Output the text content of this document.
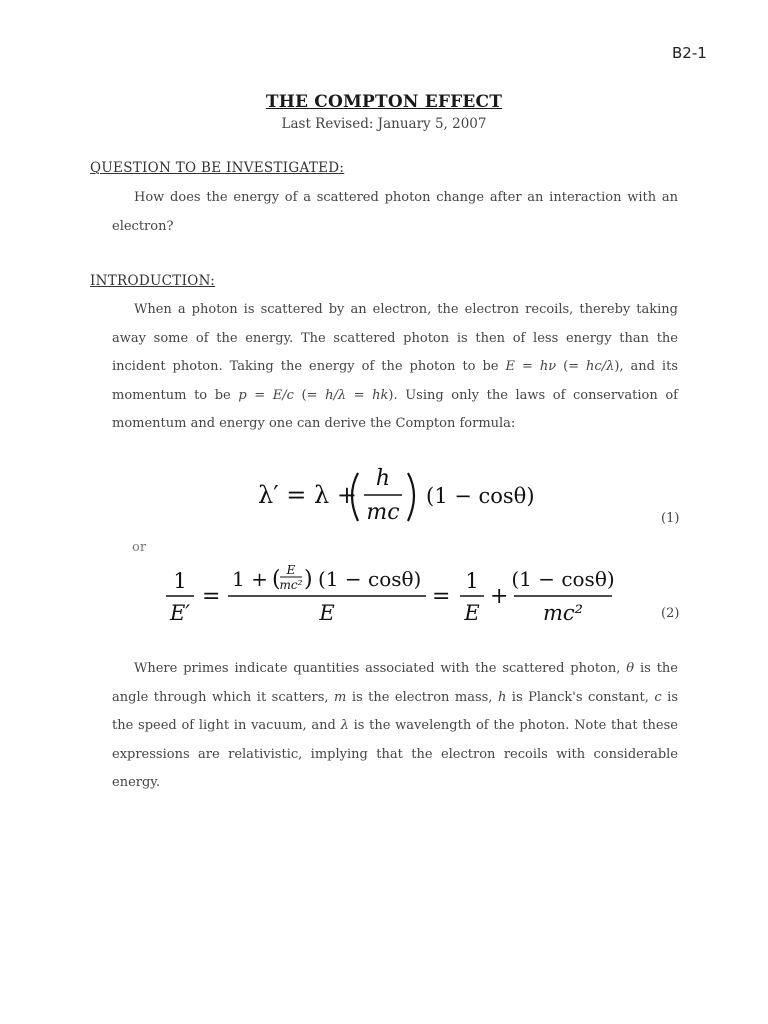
B2-1
THE COMPTON EFFECT
Last Revised: January 5, 2007
QUESTION TO BE INVESTIGATED:
How does the energy of a scattered photon change after an interaction with an electron?
INTRODUCTION:
When a photon is scattered by an electron, the electron recoils, thereby taking away some of the energy. The scattered photon is then of less energy than the incident photon. Taking the energy of the photon to be E = hν (= hc/λ), and its momentum to be p = E/c (= h/λ = hk). Using only the laws of conservation of momentum and energy one can derive the Compton formula:
λ′ = λ +
h
mc
(1 − cosθ)
(1)
or
1
E′
=
1 + ( E
mc² ) (1 − cosθ)
E
=
1
E
+
(1 − cosθ)
mc²	(2)
Where primes indicate quantities associated with the scattered photon, θ is the angle through which it scatters, m is the electron mass, h is Planck's constant, c is the speed of light in vacuum, and λ is the wavelength of the photon. Note that these expressions are relativistic, implying that the electron recoils with considerable energy.
